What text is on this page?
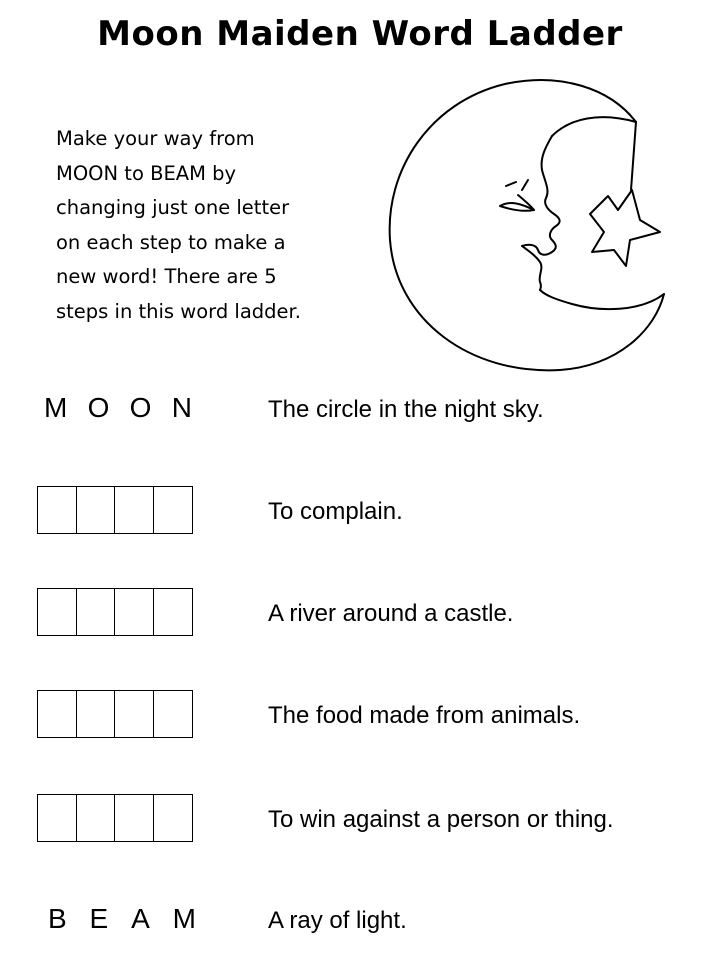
Moon Maiden Word Ladder

Make your way from

MOON to BEAM by

changing just one letter

on each step to make a

new word! There are 5

steps in this word ladder.

M O O N	The circle in the night sky.
To complain.
A river around a castle.
The food made from animals.
To win against a person or thing.
B E A M	A ray of light.
